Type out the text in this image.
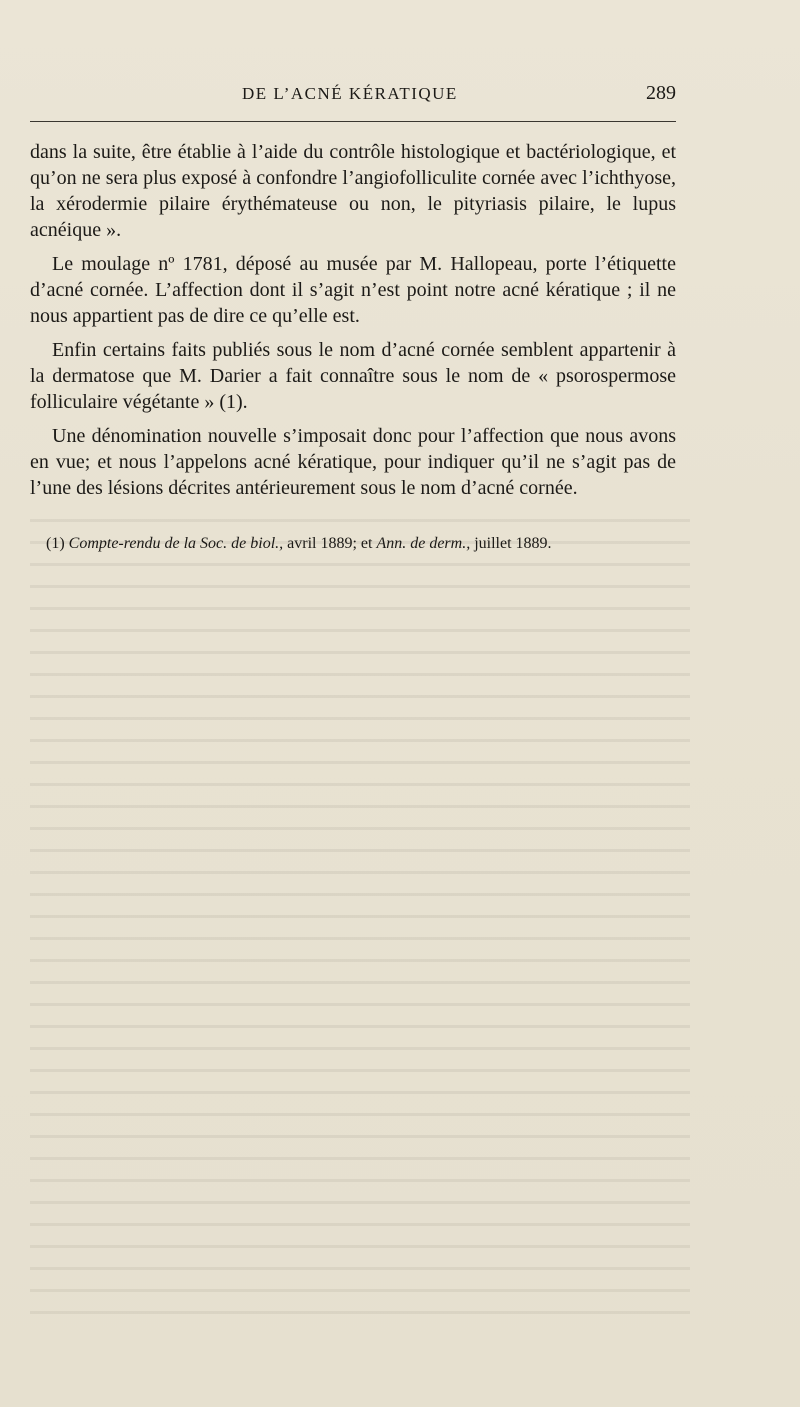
DE L’ACNÉ KÉRATIQUE	289

dans la suite, être établie à l’aide du contrôle histologique et bactériologique, et qu’on ne sera plus exposé à confondre l’angiofolliculite cornée avec l’ichthyose, la xérodermie pilaire érythémateuse ou non, le pityriasis pilaire, le lupus acnéique ».

Le moulage nº 1781, déposé au musée par M. Hallopeau, porte l’étiquette d’acné cornée. L’affection dont il s’agit n’est point notre acné kératique ; il ne nous appartient pas de dire ce qu’elle est.

Enfin certains faits publiés sous le nom d’acné cornée semblent appartenir à la dermatose que M. Darier a fait connaître sous le nom de « psorospermose folliculaire végétante » (1).

Une dénomination nouvelle s’imposait donc pour l’affection que nous avons en vue; et nous l’appelons acné kératique, pour indiquer qu’il ne s’agit pas de l’une des lésions décrites antérieurement sous le nom d’acné cornée.

(1) Compte-rendu de la Soc. de biol., avril 1889; et Ann. de derm., juillet 1889.
